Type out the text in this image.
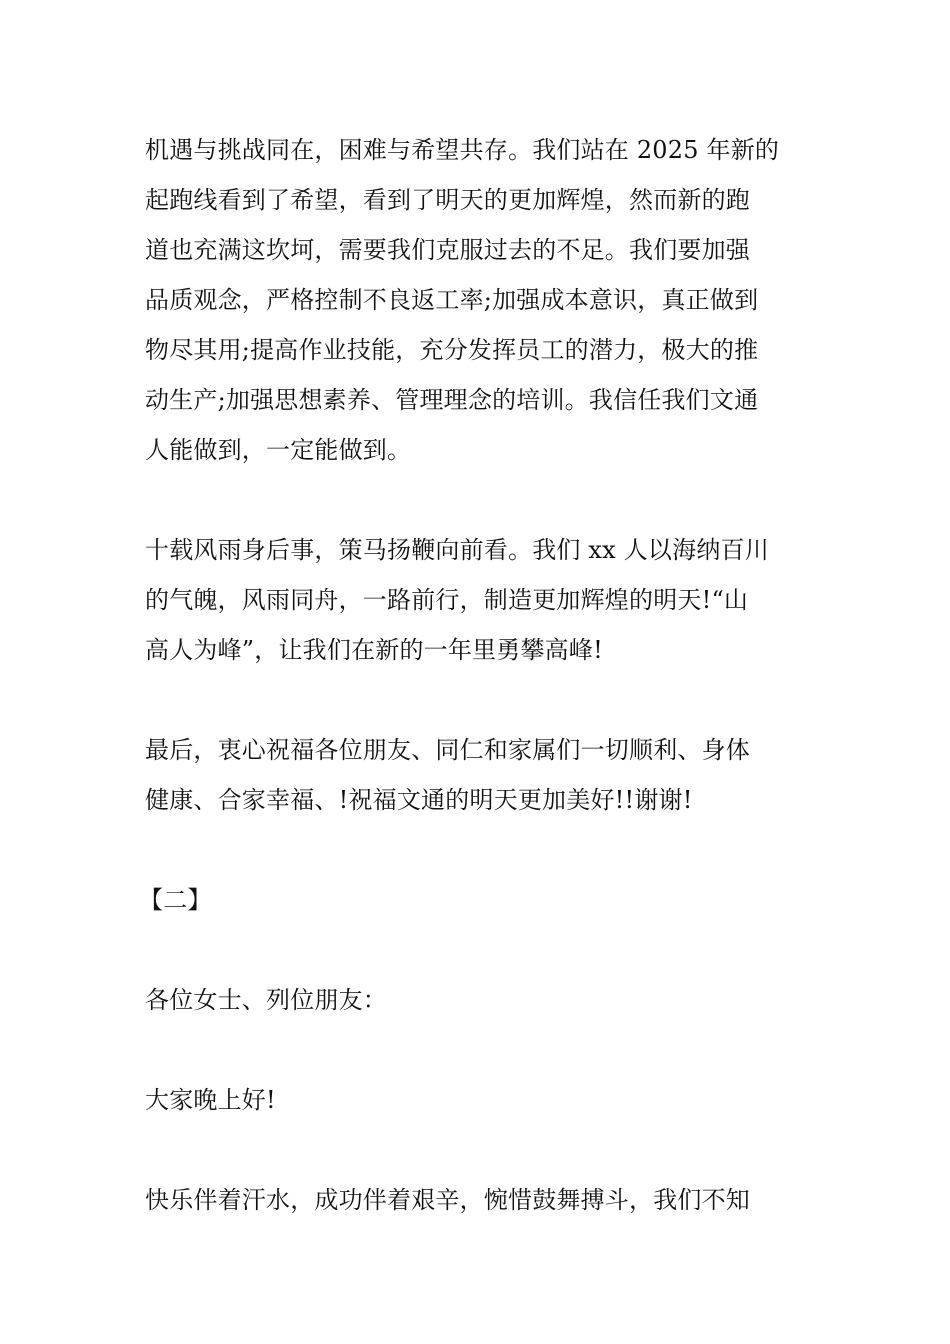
机遇与挑战同在，困难与希望共存。我们站在 2025 年新的
起跑线看到了希望，看到了明天的更加辉煌，然而新的跑
道也充满这坎坷，需要我们克服过去的不足。我们要加强
品质观念，严格控制不良返工率;加强成本意识，真正做到
物尽其用;提高作业技能，充分发挥员工的潜力，极大的推
动生产;加强思想素养、管理理念的培训。我信任我们文通
人能做到，一定能做到。
十载风雨身后事，策马扬鞭向前看。我们 xx 人以海纳百川
的气魄，风雨同舟，一路前行，制造更加辉煌的明天!“山
高人为峰”，让我们在新的一年里勇攀高峰!
最后，衷心祝福各位朋友、同仁和家属们一切顺利、身体
健康、合家幸福、!祝福文通的明天更加美好!!谢谢!
【二】
各位女士、列位朋友：
大家晚上好!
快乐伴着汗水，成功伴着艰辛，惋惜鼓舞搏斗，我们不知
